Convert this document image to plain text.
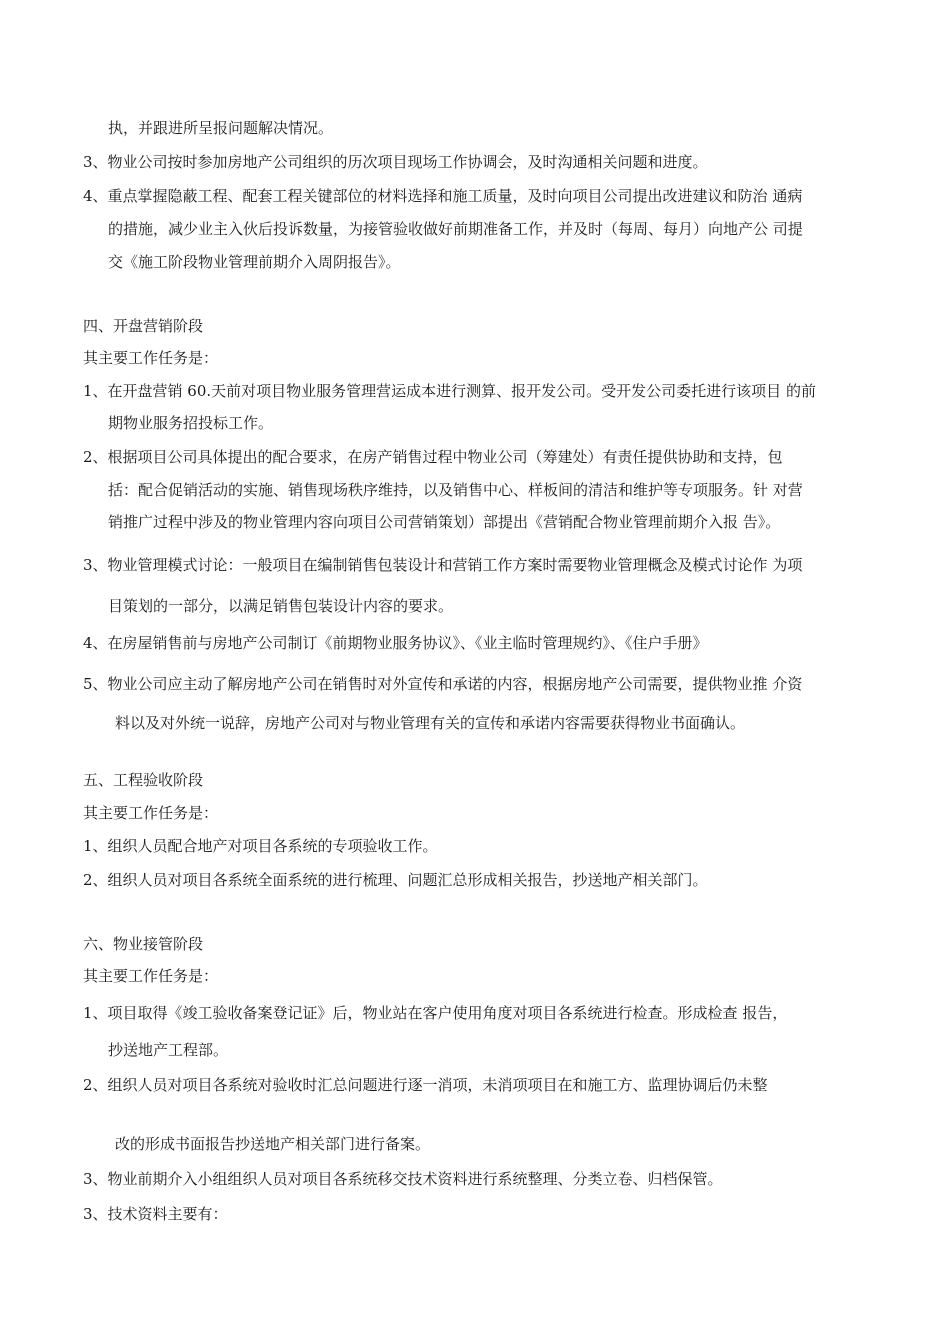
执，并跟进所呈报问题解决情况。
3、物业公司按时参加房地产公司组织的历次项目现场工作协调会，及时沟通相关问题和进度。
4、重点掌握隐蔽工程、配套工程关键部位的材料选择和施工质量，及时向项目公司提出改进建议和防治 通病
的措施，减少业主入伙后投诉数量，为接管验收做好前期准备工作，并及时（每周、每月）向地产公 司提
交《施工阶段物业管理前期介入周阴报告》。
四、开盘营销阶段
其主要工作任务是：
1、在开盘营销 60.天前对项目物业服务管理营运成本进行测算、报开发公司。受开发公司委托进行该项目 的前
期物业服务招投标工作。
2、根据项目公司具体提出的配合要求，在房产销售过程中物业公司（筹建处）有责任提供协助和支持，包
括：配合促销活动的实施、销售现场秩序维持，以及销售中心、样板间的清洁和维护等专项服务。针 对营
销推广过程中涉及的物业管理内容向项目公司营销策划）部提出《营销配合物业管理前期介入报 告》。
3、物业管理模式讨论：一般项目在编制销售包装设计和营销工作方案时需要物业管理概念及模式讨论作 为项
目策划的一部分，以满足销售包装设计内容的要求。
4、在房屋销售前与房地产公司制订《前期物业服务协议》、《业主临时管理规约》、《住户手册》
5、物业公司应主动了解房地产公司在销售时对外宣传和承诺的内容，根据房地产公司需要，提供物业推 介资
料以及对外统一说辞，房地产公司对与物业管理有关的宣传和承诺内容需要获得物业书面确认。
五、工程验收阶段
其主要工作任务是：
1、组织人员配合地产对项目各系统的专项验收工作。
2、组织人员对项目各系统全面系统的进行梳理、问题汇总形成相关报告，抄送地产相关部门。
六、物业接管阶段
其主要工作任务是：
1、项目取得《竣工验收备案登记证》后，物业站在客户使用角度对项目各系统进行检查。形成检查 报告，
抄送地产工程部。
2、组织人员对项目各系统对验收时汇总问题进行逐一消项，未消项项目在和施工方、监理协调后仍未整
改的形成书面报告抄送地产相关部门进行备案。
3、物业前期介入小组组织人员对项目各系统移交技术资料进行系统整理、分类立卷、归档保管。
3、技术资料主要有：
